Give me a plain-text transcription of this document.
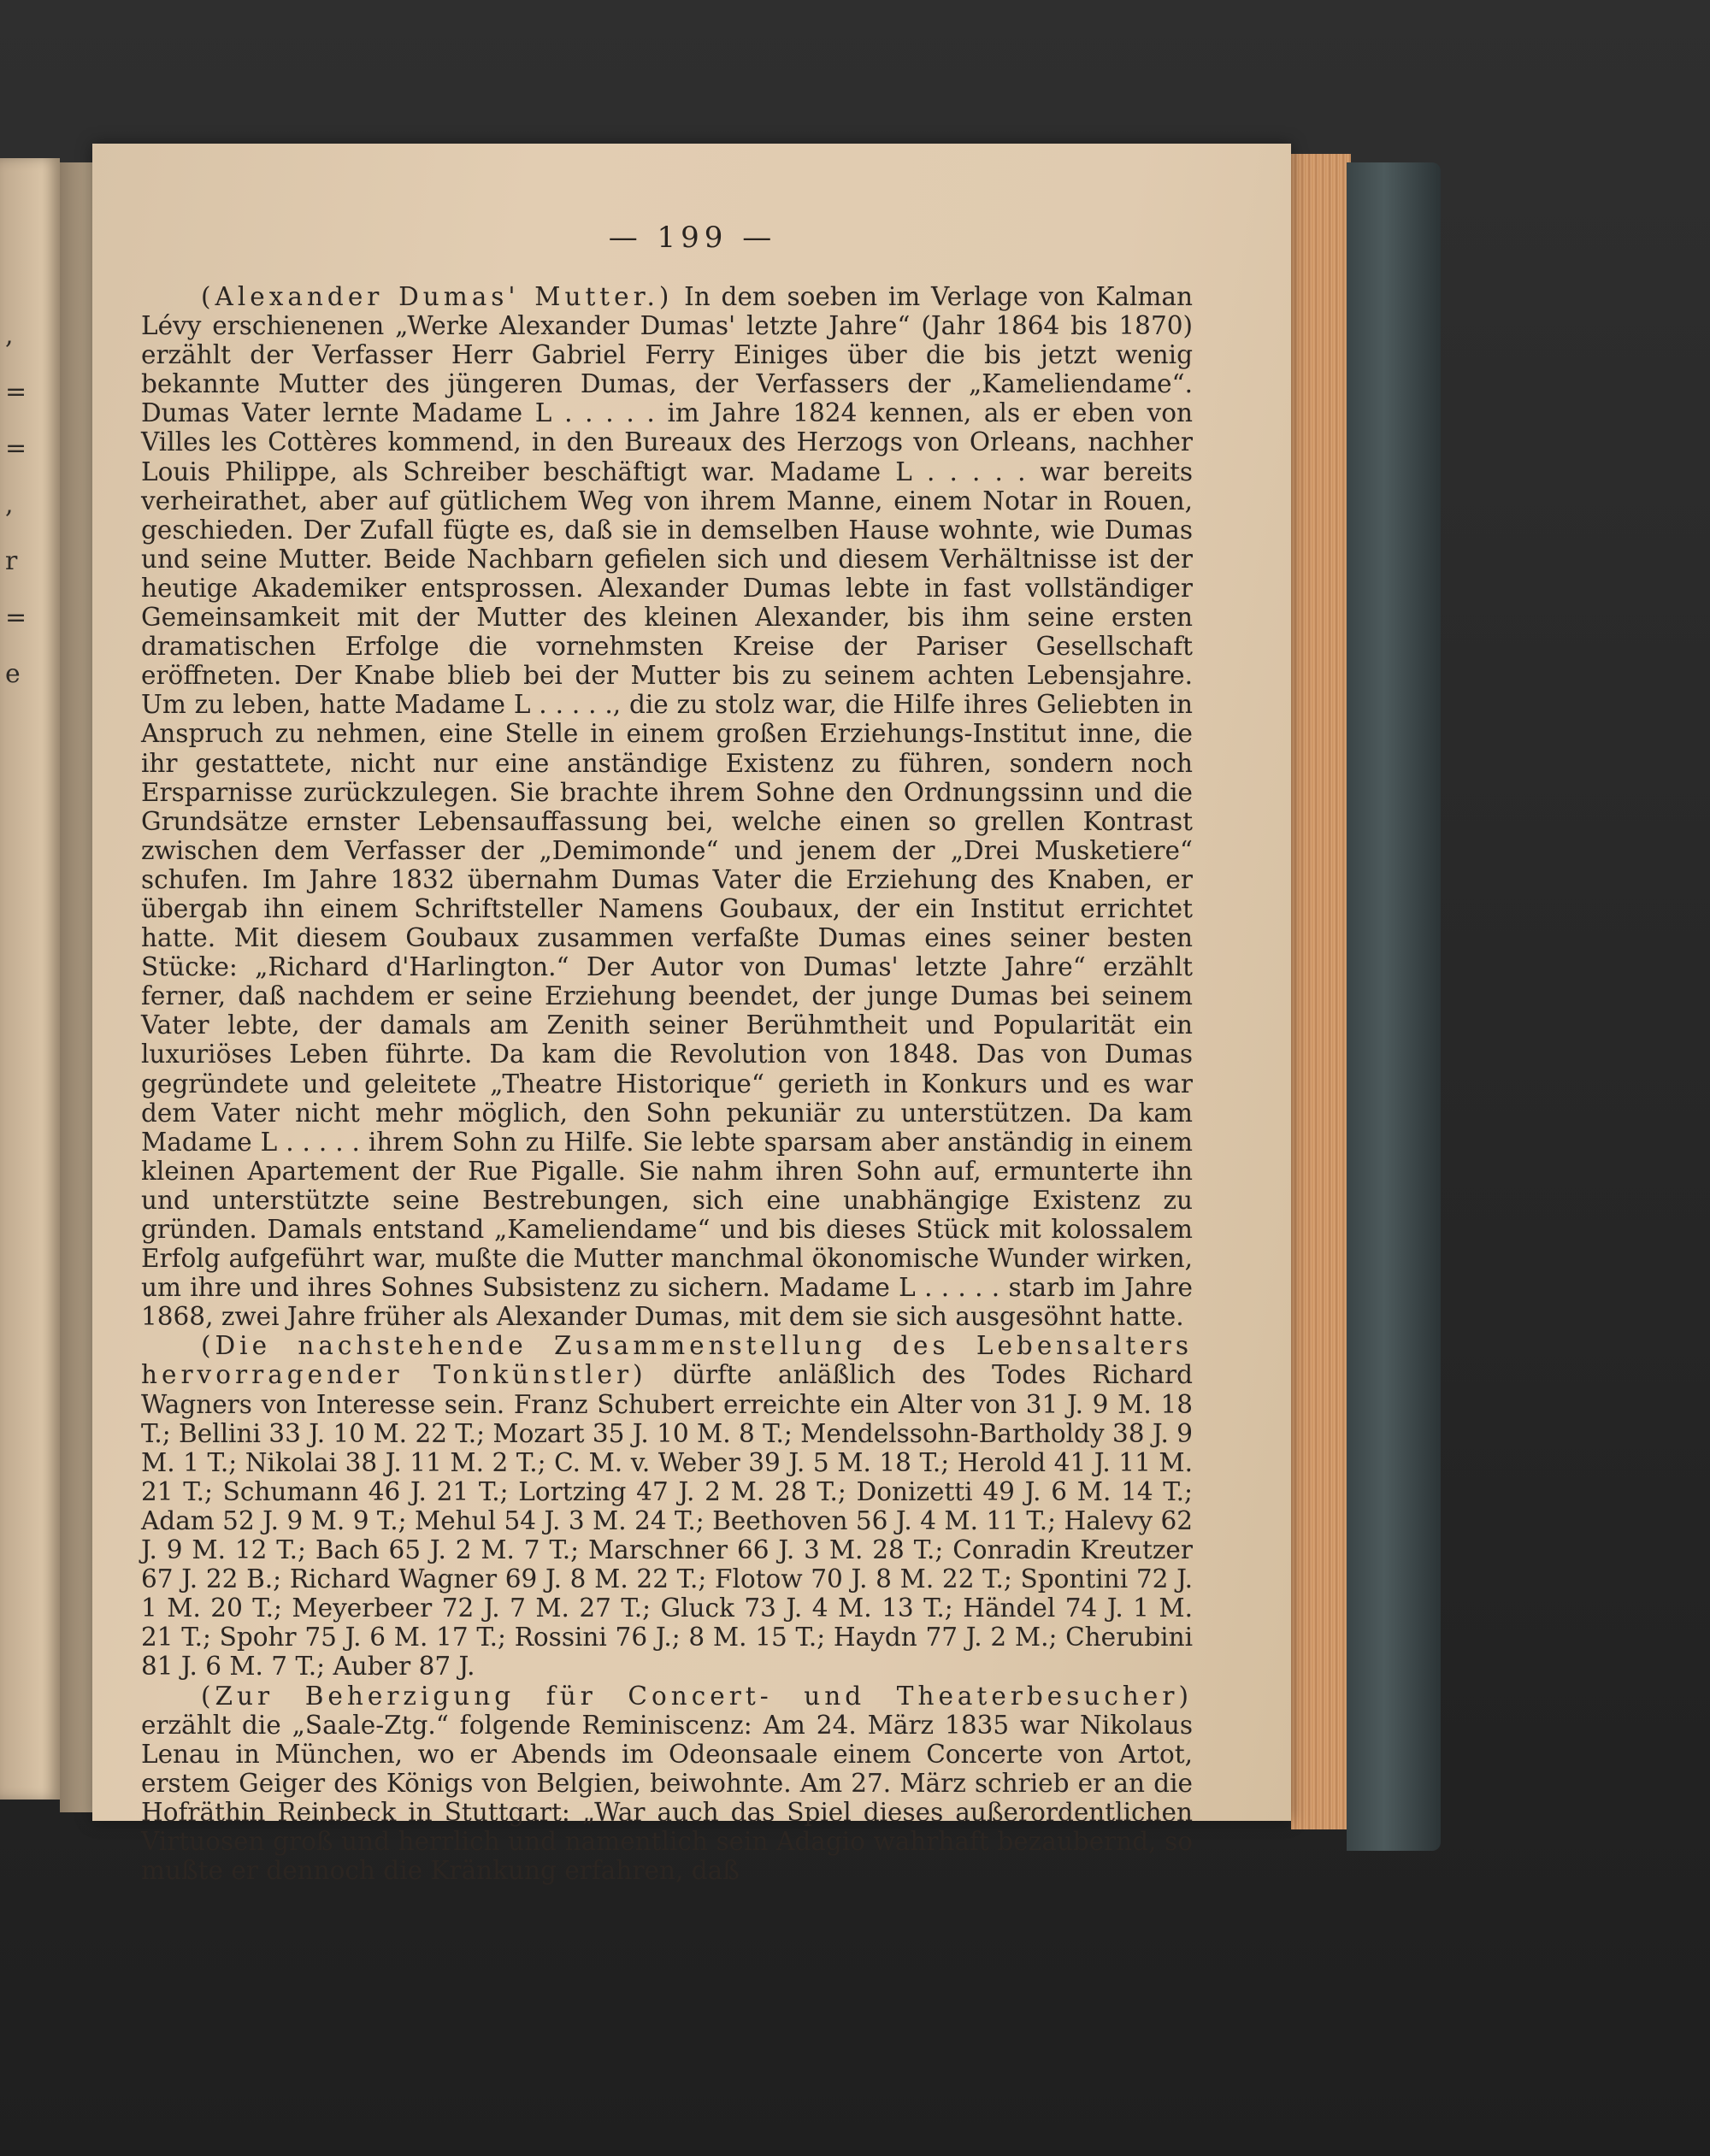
,
=
=
,
r
=
e
— 199 —

(Alexander Dumas' Mutter.) In dem soeben im Verlage von Kalman Lévy erschienenen „Werke Alexander Dumas' letzte Jahre“ (Jahr 1864 bis 1870) erzählt der Verfasser Herr Gabriel Ferry Einiges über die bis jetzt wenig bekannte Mutter des jüngeren Dumas, der Verfassers der „Kameliendame“. Dumas Vater lernte Madame L . . . . . im Jahre 1824 kennen, als er eben von Villes les Cottères kommend, in den Bureaux des Herzogs von Orleans, nachher Louis Philippe, als Schreiber beschäftigt war. Madame L . . . . . war bereits verheirathet, aber auf gütlichem Weg von ihrem Manne, einem Notar in Rouen, geschieden. Der Zufall fügte es, daß sie in demselben Hause wohnte, wie Dumas und seine Mutter. Beide Nachbarn gefielen sich und diesem Verhältnisse ist der heutige Akademiker entsprossen. Alexander Dumas lebte in fast vollständiger Gemeinsamkeit mit der Mutter des kleinen Alexander, bis ihm seine ersten dramatischen Erfolge die vornehmsten Kreise der Pariser Gesellschaft eröffneten. Der Knabe blieb bei der Mutter bis zu seinem achten Lebensjahre. Um zu leben, hatte Madame L . . . . ., die zu stolz war, die Hilfe ihres Geliebten in Anspruch zu nehmen, eine Stelle in einem großen Erziehungs-Institut inne, die ihr gestattete, nicht nur eine anständige Existenz zu führen, sondern noch Ersparnisse zurückzulegen. Sie brachte ihrem Sohne den Ordnungssinn und die Grundsätze ernster Lebensauffassung bei, welche einen so grellen Kontrast zwischen dem Verfasser der „Demimonde“ und jenem der „Drei Musketiere“ schufen. Im Jahre 1832 übernahm Dumas Vater die Erziehung des Knaben, er übergab ihn einem Schriftsteller Namens Goubaux, der ein Institut errichtet hatte. Mit diesem Goubaux zusammen verfaßte Dumas eines seiner besten Stücke: „Richard d'Harlington.“ Der Autor von Dumas' letzte Jahre“ erzählt ferner, daß nachdem er seine Erziehung beendet, der junge Dumas bei seinem Vater lebte, der damals am Zenith seiner Berühmtheit und Popularität ein luxuriöses Leben führte. Da kam die Revolution von 1848. Das von Dumas gegründete und geleitete „Theatre Historique“ gerieth in Konkurs und es war dem Vater nicht mehr möglich, den Sohn pekuniär zu unterstützen. Da kam Madame L . . . . . ihrem Sohn zu Hilfe. Sie lebte sparsam aber anständig in einem kleinen Apartement der Rue Pigalle. Sie nahm ihren Sohn auf, ermunterte ihn und unterstützte seine Bestrebungen, sich eine unabhängige Existenz zu gründen. Damals entstand „Kameliendame“ und bis dieses Stück mit kolossalem Erfolg aufgeführt war, mußte die Mutter manchmal ökonomische Wunder wirken, um ihre und ihres Sohnes Subsistenz zu sichern. Madame L . . . . . starb im Jahre 1868, zwei Jahre früher als Alexander Dumas, mit dem sie sich ausgesöhnt hatte.

(Die nachstehende Zusammenstellung des Lebensalters hervorragender Tonkünstler) dürfte anläßlich des Todes Richard Wagners von Interesse sein. Franz Schubert erreichte ein Alter von 31 J. 9 M. 18 T.; Bellini 33 J. 10 M. 22 T.; Mozart 35 J. 10 M. 8 T.; Mendelssohn-Bartholdy 38 J. 9 M. 1 T.; Nikolai 38 J. 11 M. 2 T.; C. M. v. Weber 39 J. 5 M. 18 T.; Herold 41 J. 11 M. 21 T.; Schumann 46 J. 21 T.; Lortzing 47 J. 2 M. 28 T.; Donizetti 49 J. 6 M. 14 T.; Adam 52 J. 9 M. 9 T.; Mehul 54 J. 3 M. 24 T.; Beethoven 56 J. 4 M. 11 T.; Halevy 62 J. 9 M. 12 T.; Bach 65 J. 2 M. 7 T.; Marschner 66 J. 3 M. 28 T.; Conradin Kreutzer 67 J. 22 B.; Richard Wagner 69 J. 8 M. 22 T.; Flotow 70 J. 8 M. 22 T.; Spontini 72 J. 1 M. 20 T.; Meyerbeer 72 J. 7 M. 27 T.; Gluck 73 J. 4 M. 13 T.; Händel 74 J. 1 M. 21 T.; Spohr 75 J. 6 M. 17 T.; Rossini 76 J.; 8 M. 15 T.; Haydn 77 J. 2 M.; Cherubini 81 J. 6 M. 7 T.; Auber 87 J.

(Zur Beherzigung für Concert- und Theaterbesucher) erzählt die „Saale-Ztg.“ folgende Reminiscenz: Am 24. März 1835 war Nikolaus Lenau in München, wo er Abends im Odeonsaale einem Concerte von Artot, erstem Geiger des Königs von Belgien, beiwohnte. Am 27. März schrieb er an die Hofräthin Reinbeck in Stuttgart: „War auch das Spiel dieses außerordentlichen Virtuosen groß und herrlich und namentlich sein Adagio wahrhaft bezaubernd, so mußte er dennoch die Kränkung erfahren, daß
